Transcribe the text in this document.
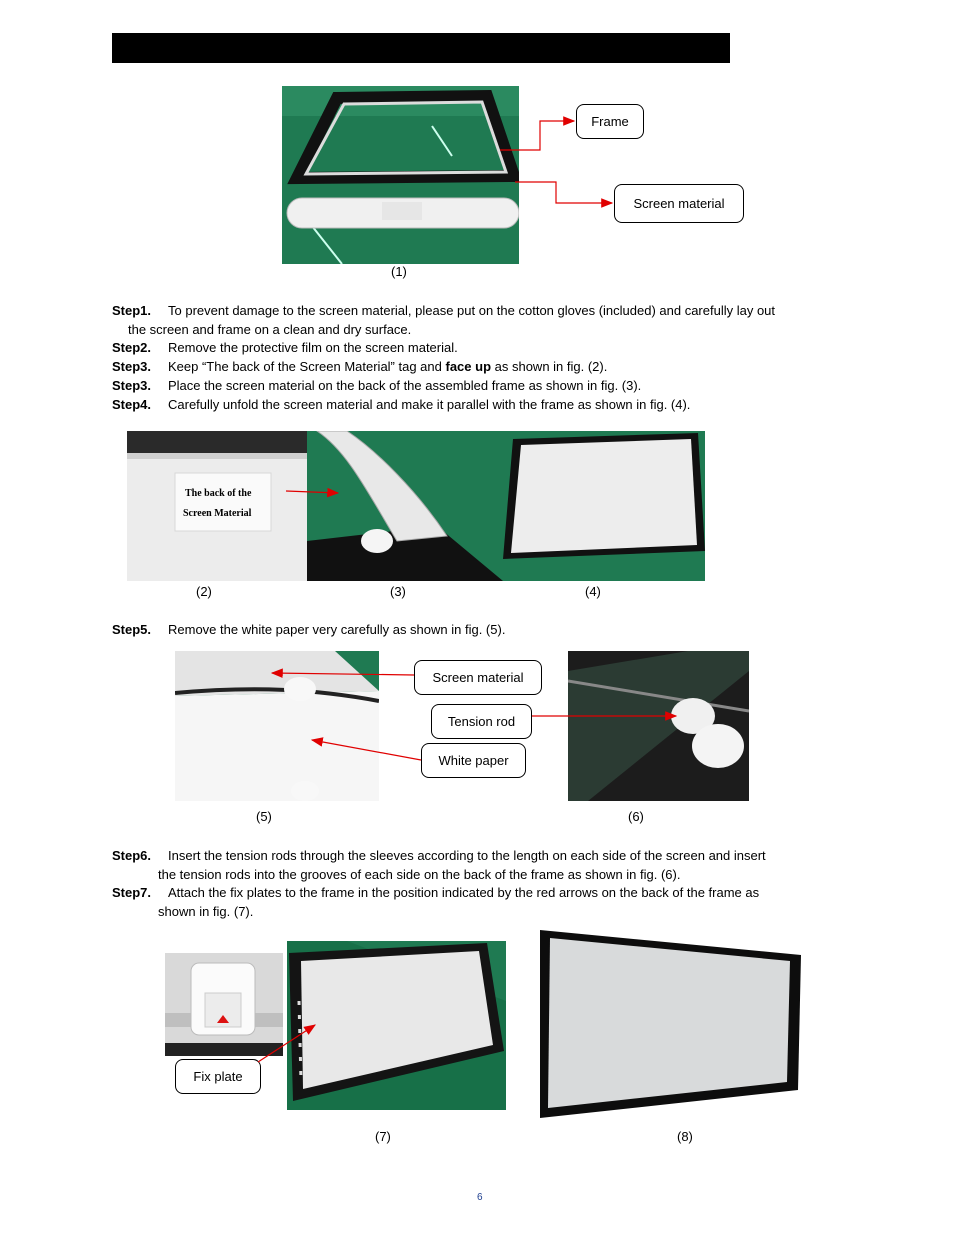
(1)
Frame
Screen material
Step1. To prevent damage to the screen material, please put on the cotton gloves (included) and carefully lay out
the screen and frame on a clean and dry surface.
Step2. Remove the protective film on the screen material.
Step3. Keep “The back of the Screen Material” tag and face up as shown in fig. (2).
Step3. Place the screen material on the back of the assembled frame as shown in fig. (3).
Step4. Carefully unfold the screen material and make it parallel with the frame as shown in fig. (4).
The back of the
Screen Material
(2)	(3)	(4)
Step5. Remove the white paper very carefully as shown in fig. (5).
Screen material
Tension rod
White paper
(5)	(6)
Step6. Insert the tension rods through the sleeves according to the length on each side of the screen and insert
the tension rods into the grooves of each side on the back of the frame as shown in fig. (6).
Step7. Attach the fix plates to the frame in the position indicated by the red arrows on the back of the frame as
shown in fig. (7).
Fix plate
(7)	(8)
6
